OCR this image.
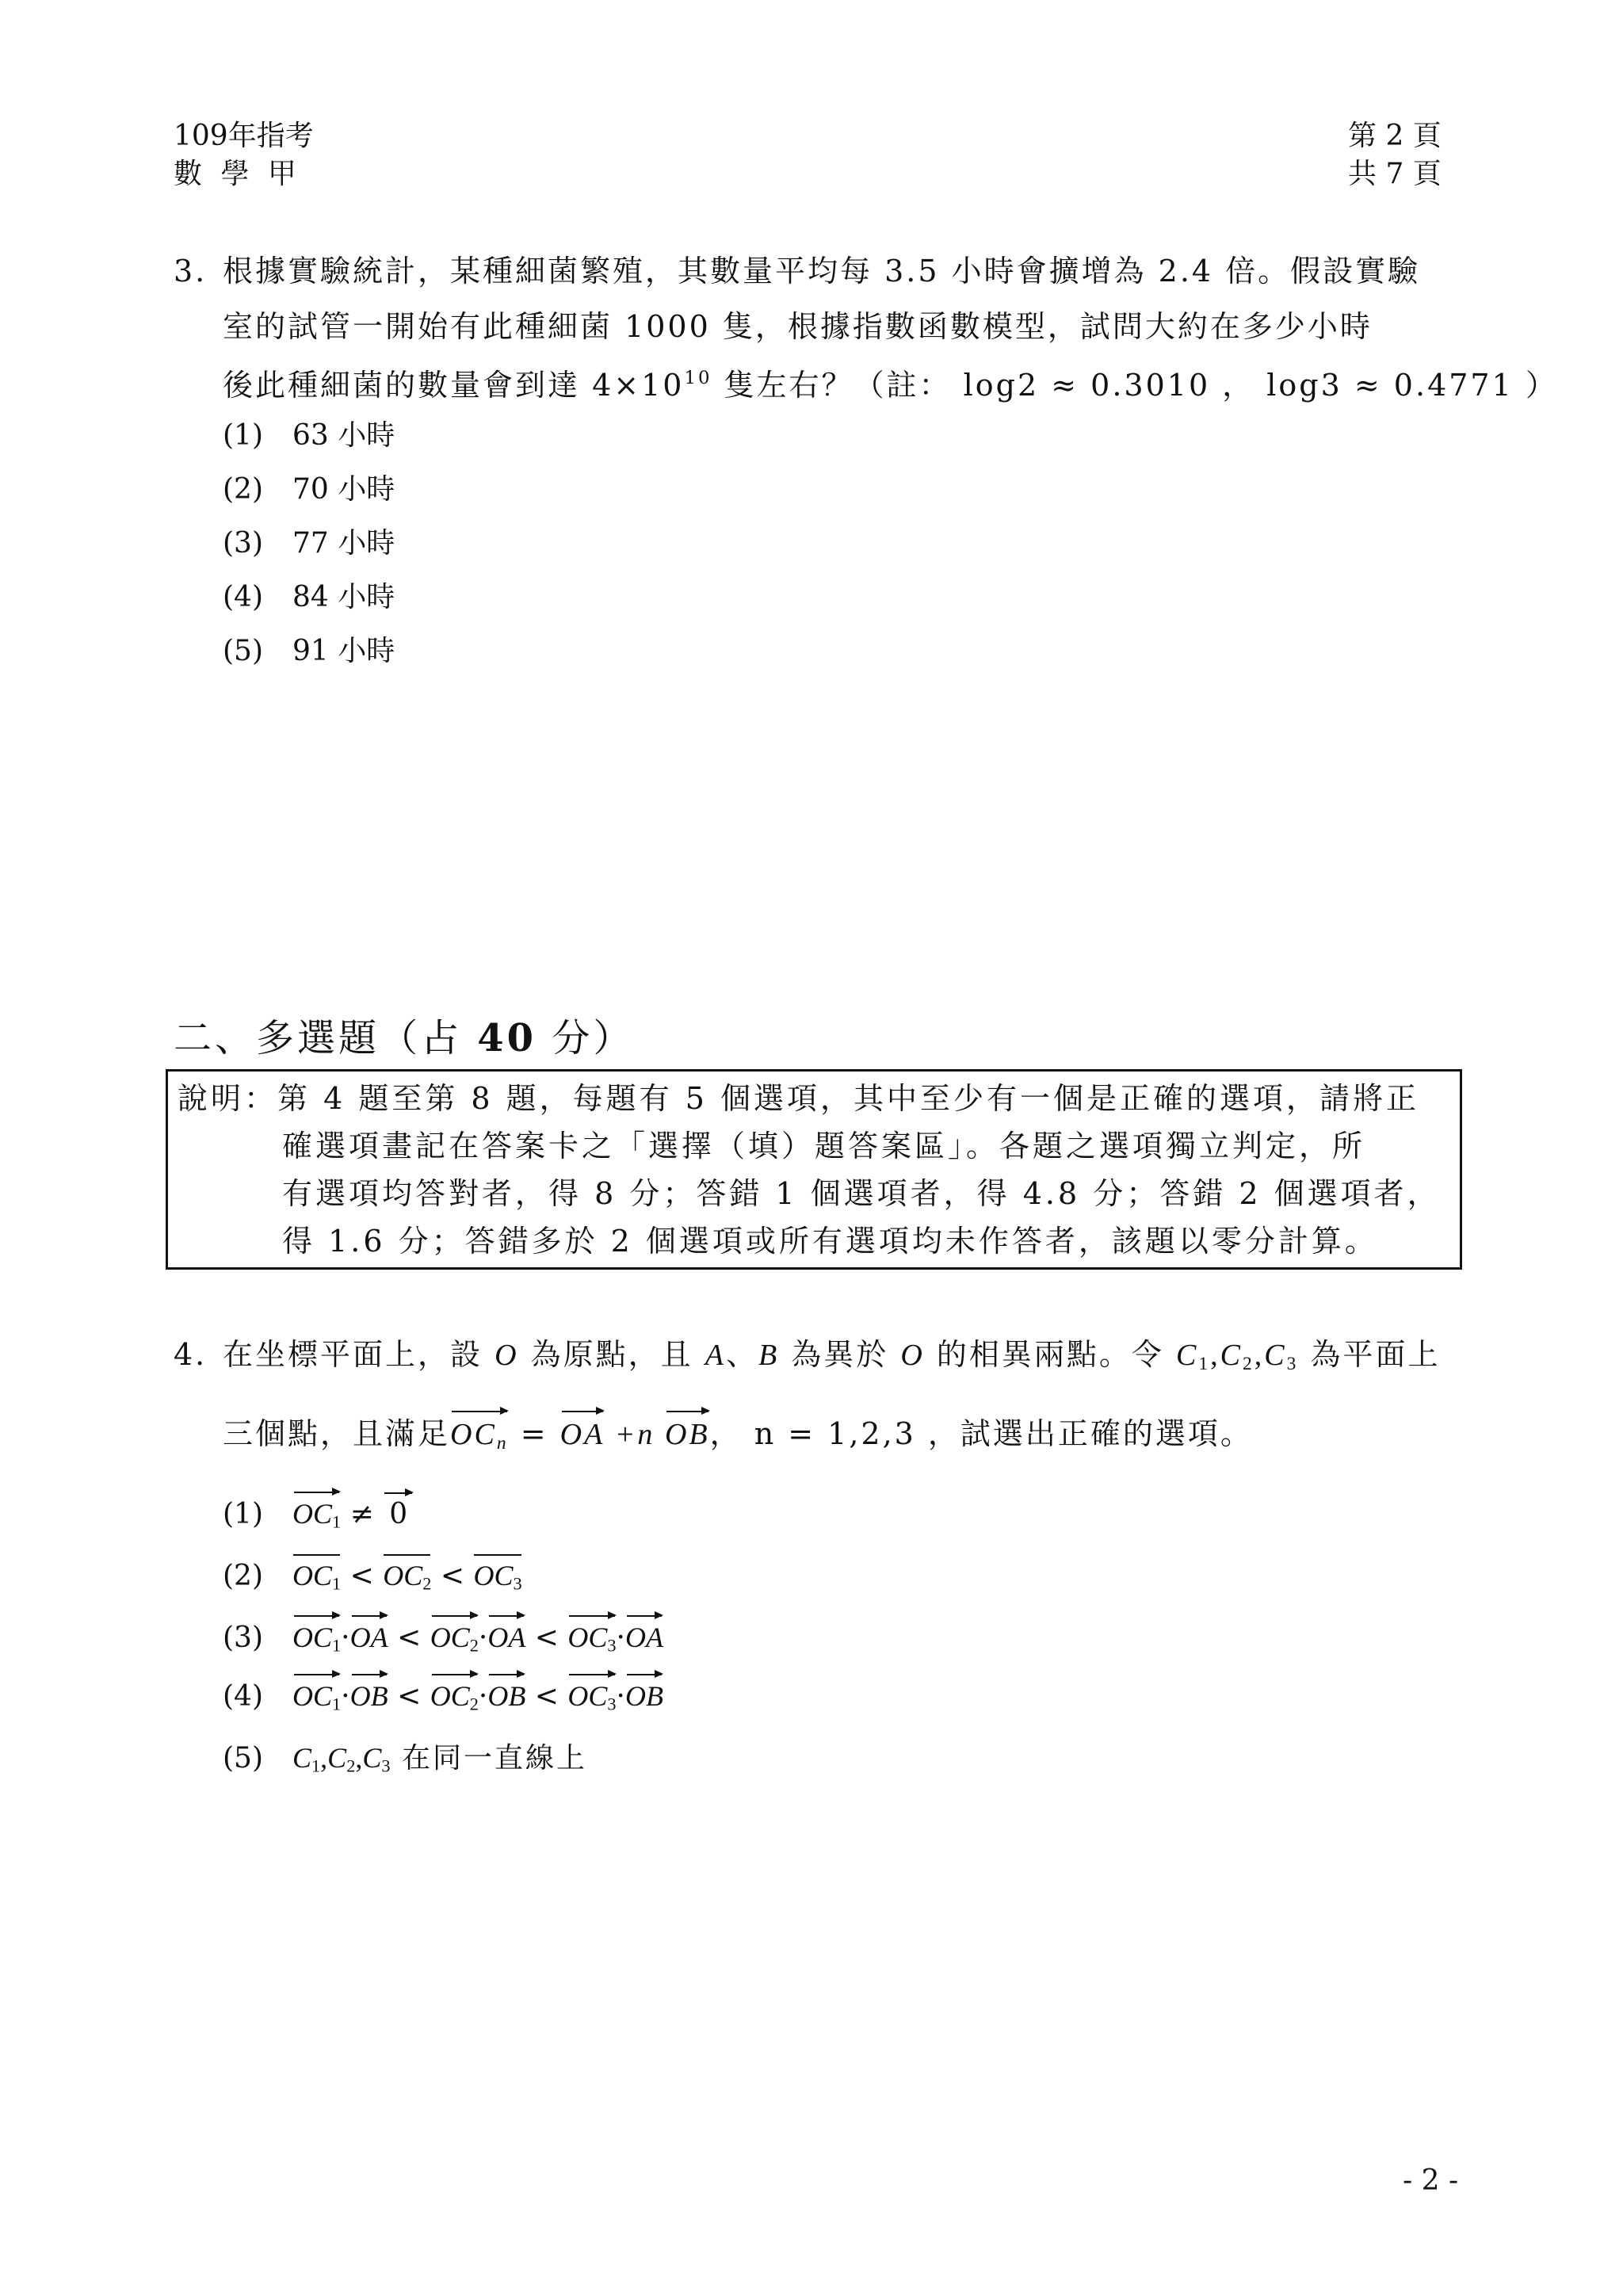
109年指考
數 學 甲
第 2 頁
共 7 頁
3. 根據實驗統計，某種細菌繁殖，其數量平均每 3.5 小時會擴增為 2.4 倍。假設實驗
室的試管一開始有此種細菌 1000 隻，根據指數函數模型，試問大約在多少小時
後此種細菌的數量會到達 $4\times 10^{10}$ 隻左右？（註： log2 ≈ 0.3010 ， log3 ≈ 0.4771 ）
(1) 63 小時
(2) 70 小時
(3) 77 小時
(4) 84 小時
(5) 91 小時
二、多選題（占 40 分）
說明：第 4 題至第 8 題，每題有 5 個選項，其中至少有一個是正確的選項，請將正
確選項畫記在答案卡之「選擇（填）題答案區」。各題之選項獨立判定，所
有選項均答對者，得 8 分；答錯 1 個選項者，得 4.8 分；答錯 2 個選項者，
得 1.6 分；答錯多於 2 個選項或所有選項均未作答者，該題以零分計算。
4. 在坐標平面上，設 O 為原點，且 A、B 為異於 O 的相異兩點。令 $C_1,C_2,C_3$ 為平面上
三個點，且滿足$OC_n$ = OA +n OB， n = 1,2,3 ，試選出正確的選項。
(1) $OC_1 \ne 0$
(2) $OC_1 < OC_2 < OC_3$
(3) $OC_1\cdot OA < OC_2\cdot OA < OC_3\cdot OA$
(4) $OC_1\cdot OB < OC_2\cdot OB < OC_3\cdot OB$
(5) $C_1,C_2,C_3$ 在同一直線上
- 2 -
